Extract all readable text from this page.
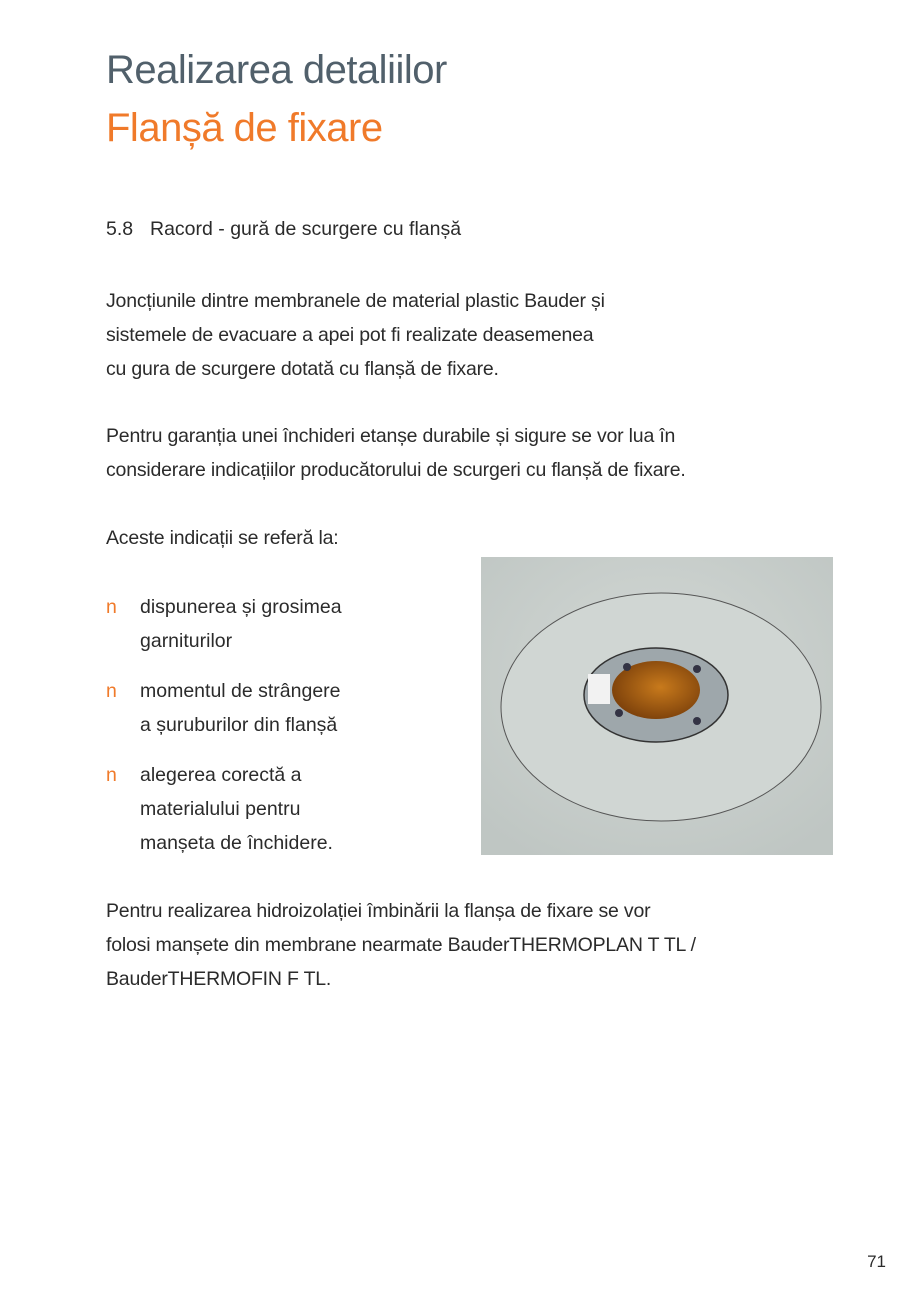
Realizarea detaliilor
Flanșă de fixare
5.8 Racord - gură de scurgere cu flanșă
Joncțiunile dintre membranele de material plastic Bauder și
sistemele de evacuare a apei pot fi realizate deasemenea
cu gura de scurgere dotată cu flanșă de fixare.
Pentru garanția unei închideri etanșe durabile și sigure se vor lua în
considerare indicațiilor producătorului de scurgeri cu flanșă de fixare.
Aceste indicații se referă la:
n	dispunerea și grosimea
garniturilor
n	momentul de strângere
a șuruburilor din flanșă
n	alegerea corectă a
materialului pentru
manșeta de închidere.
Pentru realizarea hidroizolației îmbinării la flanșa de fixare se vor
folosi manșete din membrane nearmate BauderTHERMOPLAN T TL /
BauderTHERMOFIN F TL.
71
